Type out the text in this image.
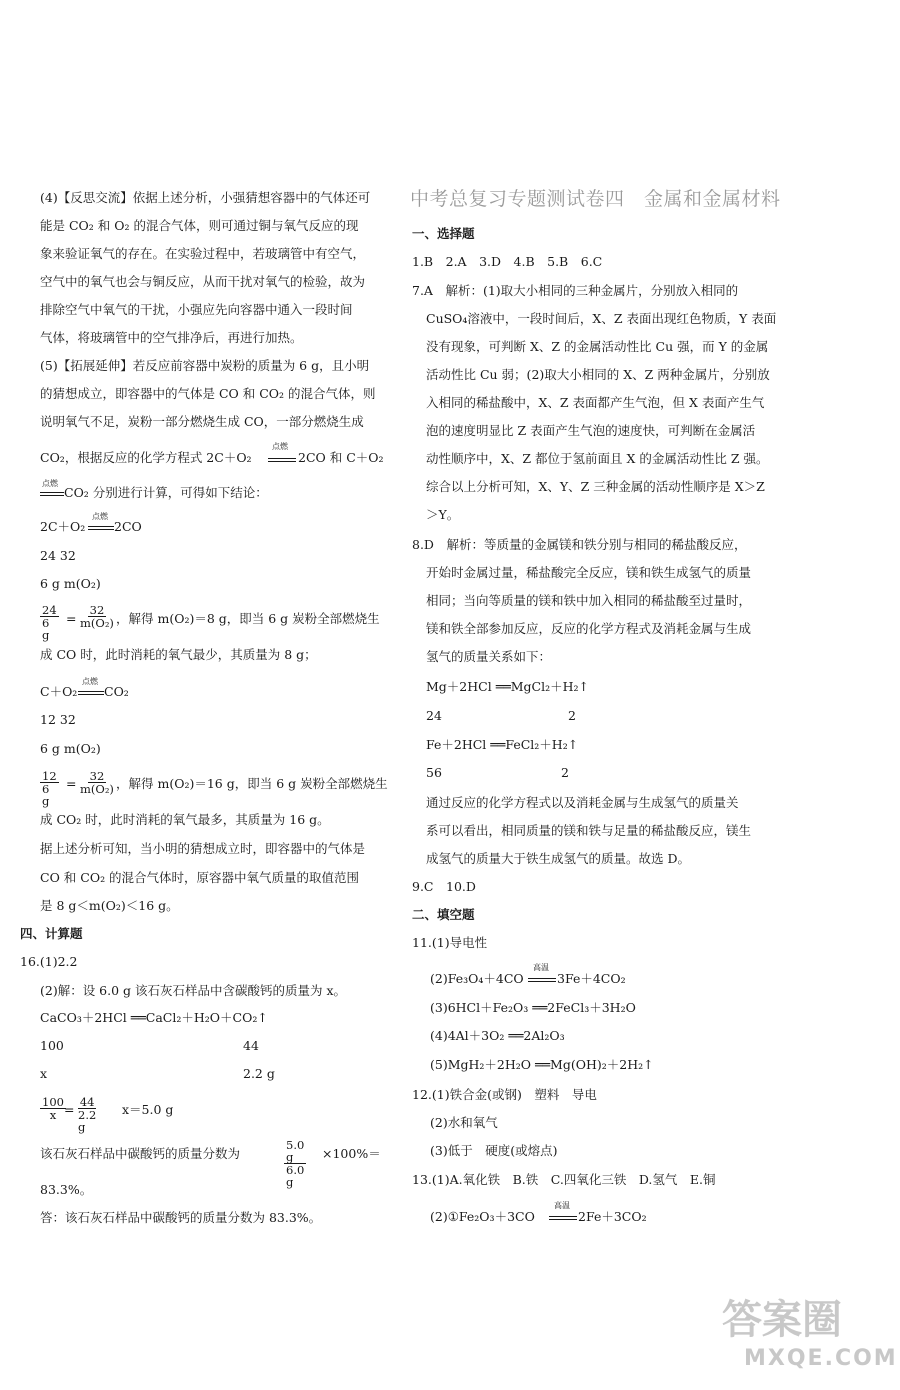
(4)【反思交流】依据上述分析，小强猜想容器中的气体还可
能是 CO₂ 和 O₂ 的混合气体，则可通过铜与氧气反应的现
象来验证氧气的存在。在实验过程中，若玻璃管中有空气，
空气中的氧气也会与铜反应，从而干扰对氧气的检验，故为
排除空气中氧气的干扰，小强应先向容器中通入一段时间
气体，将玻璃管中的空气排净后，再进行加热。
(5)【拓展延伸】若反应前容器中炭粉的质量为 6 g，且小明
的猜想成立，即容器中的气体是 CO 和 CO₂ 的混合气体，则
说明氧气不足，炭粉一部分燃烧生成 CO，一部分燃烧生成
CO₂，根据反应的化学方程式 2C＋O₂
点燃
2CO 和 C＋O₂
点燃
CO₂ 分别进行计算，可得如下结论：
2C＋O₂
点燃
2CO
24 32
6 g m(O₂)
$\frac{24}{6 g} = \frac{32}{\text{m(O₂)}}$ ，解得 m(O₂)＝8 g，即当 6 g 炭粉全部燃烧生
成 CO 时，此时消耗的氧气最少，其质量为 8 g；
C＋O₂
点燃
CO₂
12 32
6 g m(O₂)
$\frac{12}{6 g} = \frac{32}{\text{m(O₂)}}$ ，解得 m(O₂)＝16 g，即当 6 g 炭粉全部燃烧生
成 CO₂ 时，此时消耗的氧气最多，其质量为 16 g。
据上述分析可知，当小明的猜想成立时，即容器中的气体是
CO 和 CO₂ 的混合气体时，原容器中氧气质量的取值范围
是 8 g＜m(O₂)＜16 g。
四、计算题
16.(1)2.2
(2)解：设 6.0 g 该石灰石样品中含碳酸钙的质量为 x。
CaCO₃＋2HCl ══CaCl₂＋H₂O＋CO₂↑
100	44
x	2.2 g
$\frac{100}{x}$
= $\frac{44}{2.2 g} x=5.0$ g
该石灰石样品中碳酸钙的质量分数为	$\frac{5.0 g}{6.0 g} \times 100\%=$
83.3%。
答：该石灰石样品中碳酸钙的质量分数为 83.3%。
中考总复习专题测试卷四　金属和金属材料
一、选择题
1.B　2.A　3.D　4.B　5.B　6.C
7.A　解析：(1)取大小相同的三种金属片，分别放入相同的
CuSO₄溶液中，一段时间后，X、Z 表面出现红色物质，Y 表面
没有现象，可判断 X、Z 的金属活动性比 Cu 强，而 Y 的金属
活动性比 Cu 弱；(2)取大小相同的 X、Z 两种金属片，分别放
入相同的稀盐酸中，X、Z 表面都产生气泡，但 X 表面产生气
泡的速度明显比 Z 表面产生气泡的速度快，可判断在金属活
动性顺序中，X、Z 都位于氢前面且 X 的金属活动性比 Z 强。
综合以上分析可知，X、Y、Z 三种金属的活动性顺序是 X＞Z
＞Y。
8.D　解析：等质量的金属镁和铁分别与相同的稀盐酸反应，
开始时金属过量，稀盐酸完全反应，镁和铁生成氢气的质量
相同；当向等质量的镁和铁中加入相同的稀盐酸至过量时，
镁和铁全部参加反应，反应的化学方程式及消耗金属与生成
氢气的质量关系如下：
Mg＋2HCl ══MgCl₂＋H₂↑
24	2
Fe＋2HCl ══FeCl₂＋H₂↑
56	2
通过反应的化学方程式以及消耗金属与生成氢气的质量关
系可以看出，相同质量的镁和铁与足量的稀盐酸反应，镁生
成氢气的质量大于铁生成氢气的质量。故选 D。
9.C　10.D
二、填空题
11.(1)导电性
(2)Fe₃O₄＋4CO
高温
3Fe＋4CO₂
(3)6HCl＋Fe₂O₃ ══2FeCl₃＋3H₂O
(4)4Al＋3O₂ ══2Al₂O₃
(5)MgH₂＋2H₂O ══Mg(OH)₂＋2H₂↑
12.(1)铁合金(或钢)　塑料　导电
(2)水和氧气
(3)低于　硬度(或熔点)
13.(1)A.氧化铁　B.铁　C.四氧化三铁　D.氢气　E.铜
(2)①Fe₂O₃＋3CO
高温
2Fe＋3CO₂
答案圈
MXQE.COM
